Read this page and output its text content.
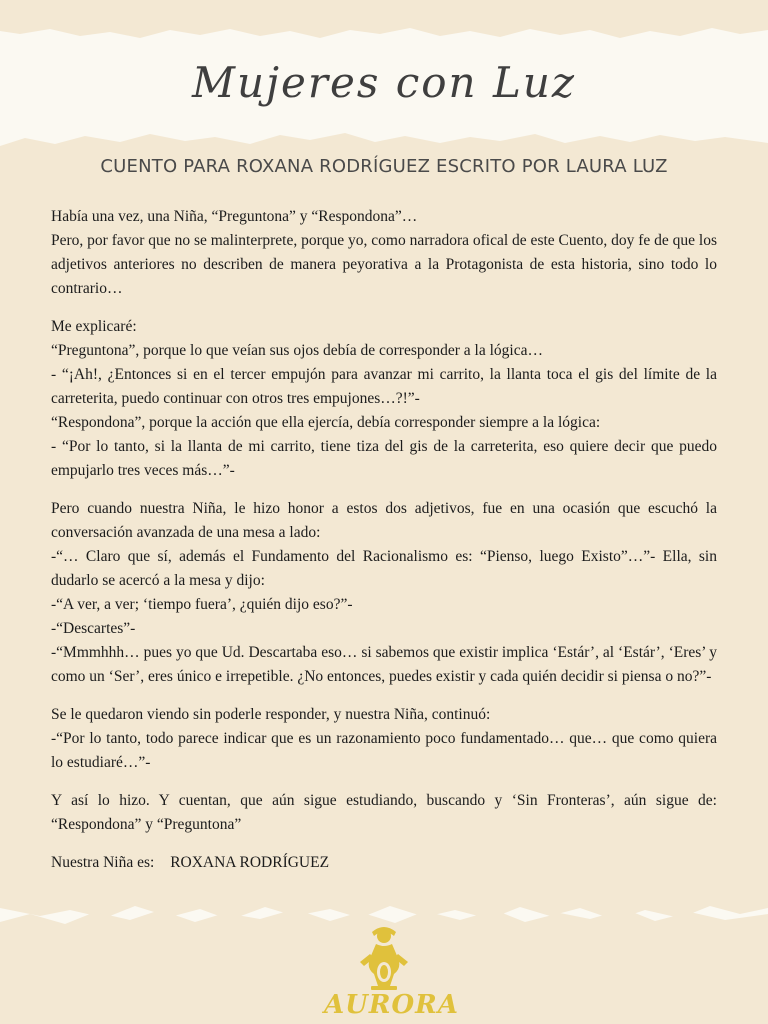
Mujeres con Luz
CUENTO PARA ROXANA RODRÍGUEZ ESCRITO POR LAURA LUZ
Había una vez, una Niña, “Preguntona” y “Respondona”…
Pero, por favor que no se malinterprete, porque yo, como narradora ofical de este Cuento, doy fe de que los adjetivos anteriores no describen de manera peyorativa a la Protagonista de esta historia, sino todo lo contrario…
Me explicaré:
“Preguntona”, porque lo que veían sus ojos debía de corresponder a la lógica…
- “¡Ah!, ¿Entonces si en el tercer empujón para avanzar mi carrito, la llanta toca el gis del límite de la carreterita, puedo continuar con otros tres empujones…?!”-
“Respondona”, porque la acción que ella ejercía, debía corresponder siempre a la lógica:
- “Por lo tanto, si la llanta de mi carrito, tiene tiza del gis de la carreterita, eso quiere decir que puedo empujarlo tres veces más…”-
Pero cuando nuestra Niña, le hizo honor a estos dos adjetivos, fue en una ocasión que escuchó la conversación avanzada de una mesa a lado:
-“… Claro que sí, además el Fundamento del Racionalismo es: “Pienso, luego Existo”…”- Ella, sin dudarlo se acercó a la mesa y dijo:
-“A ver, a ver; ‘tiempo fuera’, ¿quién dijo eso?”-
-“Descartes”-
-“Mmmhhh… pues yo que Ud. Descartaba eso… si sabemos que existir implica ‘Estár’, al ‘Estár’, ‘Eres’ y como un ‘Ser’, eres único e irrepetible. ¿No entonces, puedes existir y cada quién decidir si piensa o no?”-
Se le quedaron viendo sin poderle responder, y nuestra Niña, continuó:
-“Por lo tanto, todo parece indicar que es un razonamiento poco fundamentado… que… que como quiera lo estudiaré…”-
Y así lo hizo. Y cuentan, que aún sigue estudiando, buscando y ‘Sin Fronteras’, aún sigue de: “Respondona” y “Preguntona”
Nuestra Niña es: ROXANA RODRÍGUEZ
AURORA
